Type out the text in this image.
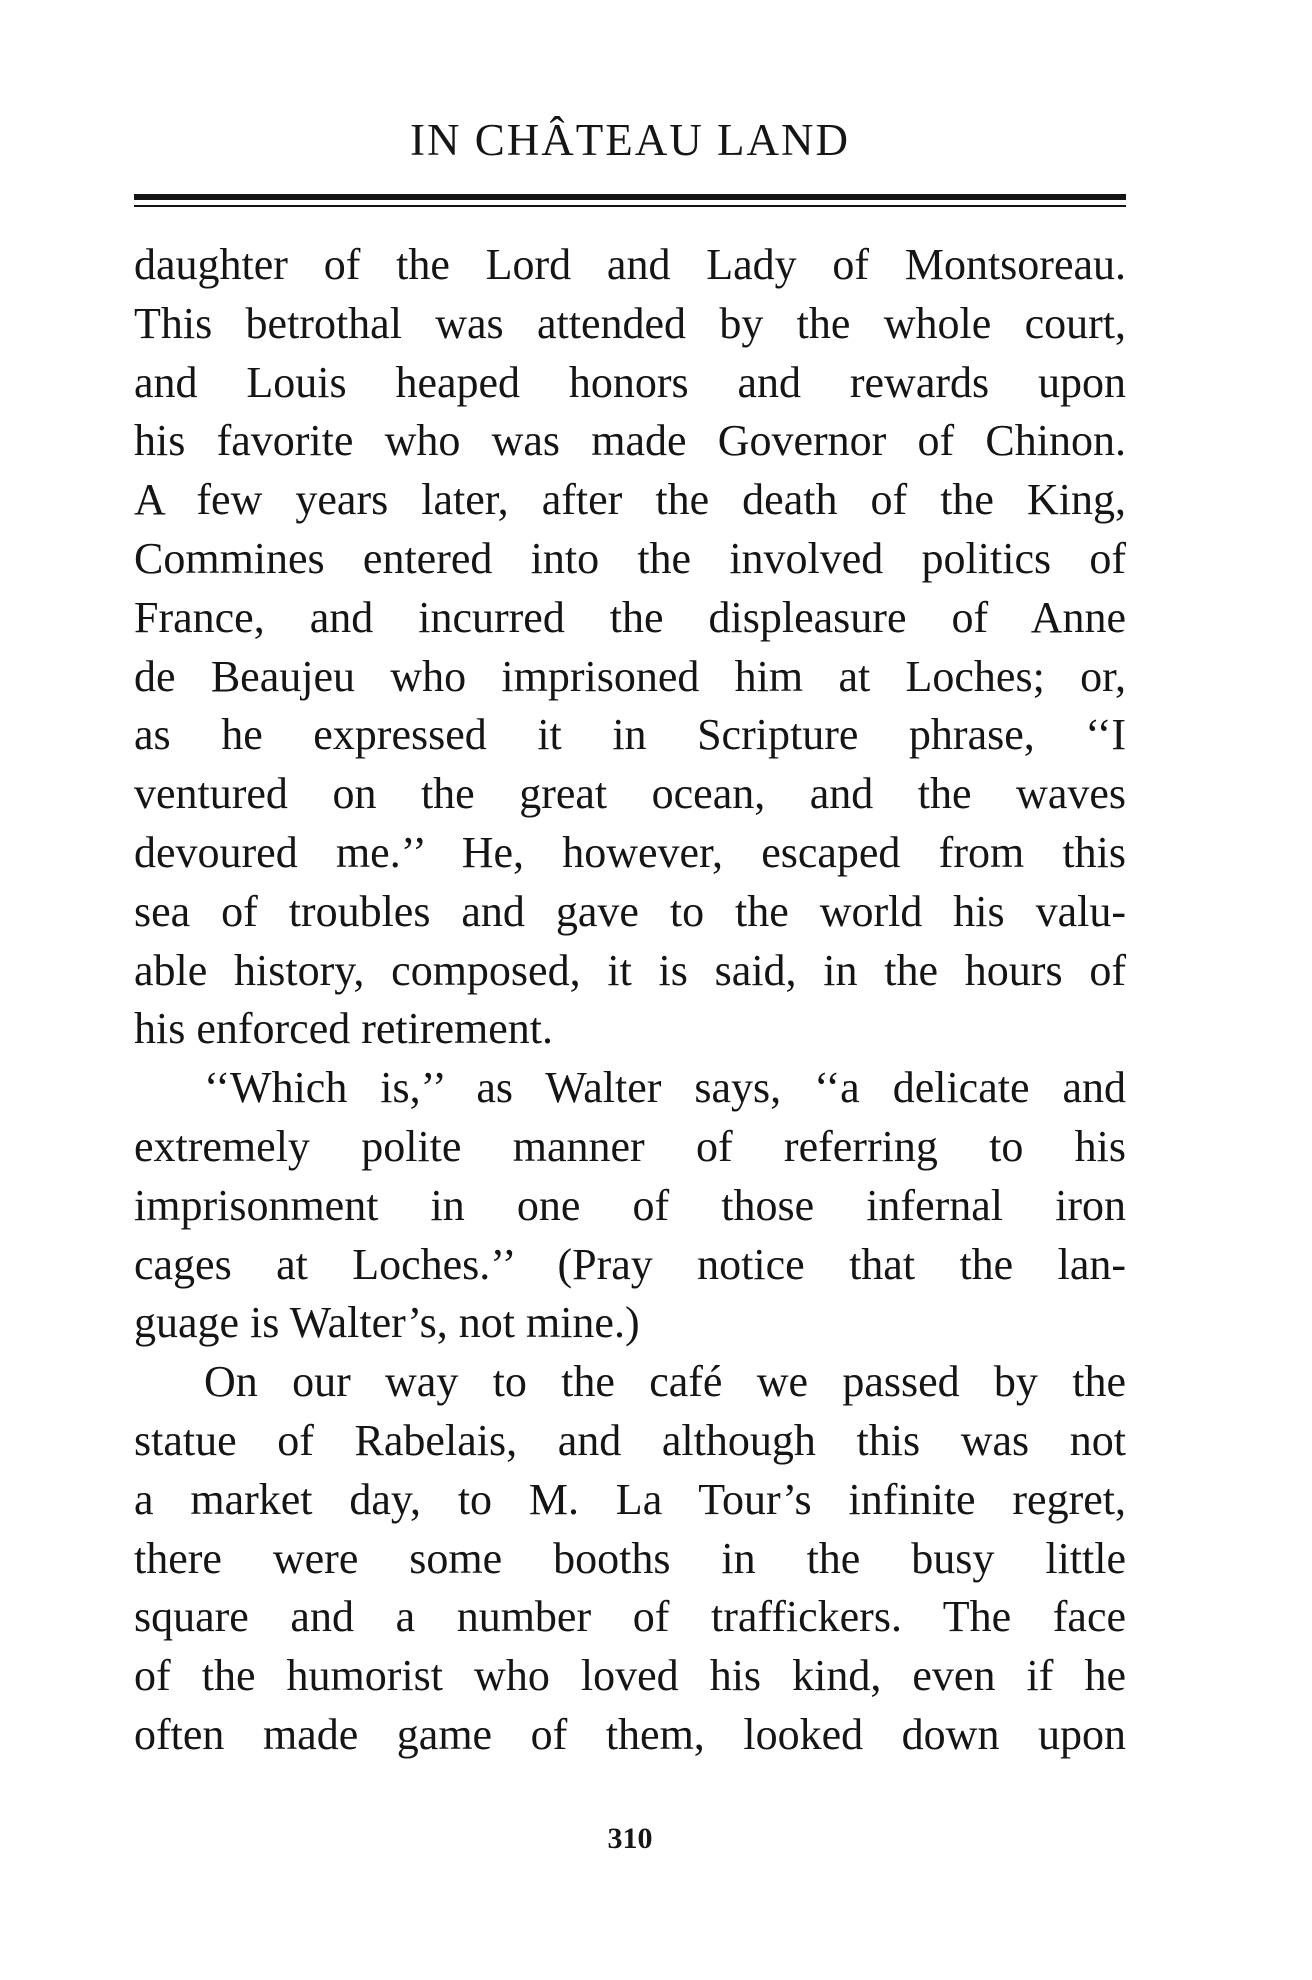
IN CHÂTEAU LAND
daughter of the Lord and Lady of Montsoreau.
This betrothal was attended by the whole court,
and Louis heaped honors and rewards upon
his favorite who was made Governor of Chinon.
A few years later, after the death of the King,
Commines entered into the involved politics of
France, and incurred the displeasure of Anne
de Beaujeu who imprisoned him at Loches; or,
as he expressed it in Scripture phrase, ‘‘I
ventured on the great ocean, and the waves
devoured me.’’ He, however, escaped from this
sea of troubles and gave to the world his valu-
able history, composed, it is said, in the hours of
his enforced retirement.
‘‘Which is,’’ as Walter says, ‘‘a delicate and
extremely polite manner of referring to his
imprisonment in one of those infernal iron
cages at Loches.’’ (Pray notice that the lan-
guage is Walter’s, not mine.)
On our way to the café we passed by the
statue of Rabelais, and although this was not
a market day, to M. La Tour’s infinite regret,
there were some booths in the busy little
square and a number of traffickers. The face
of the humorist who loved his kind, even if he
often made game of them, looked down upon
310
